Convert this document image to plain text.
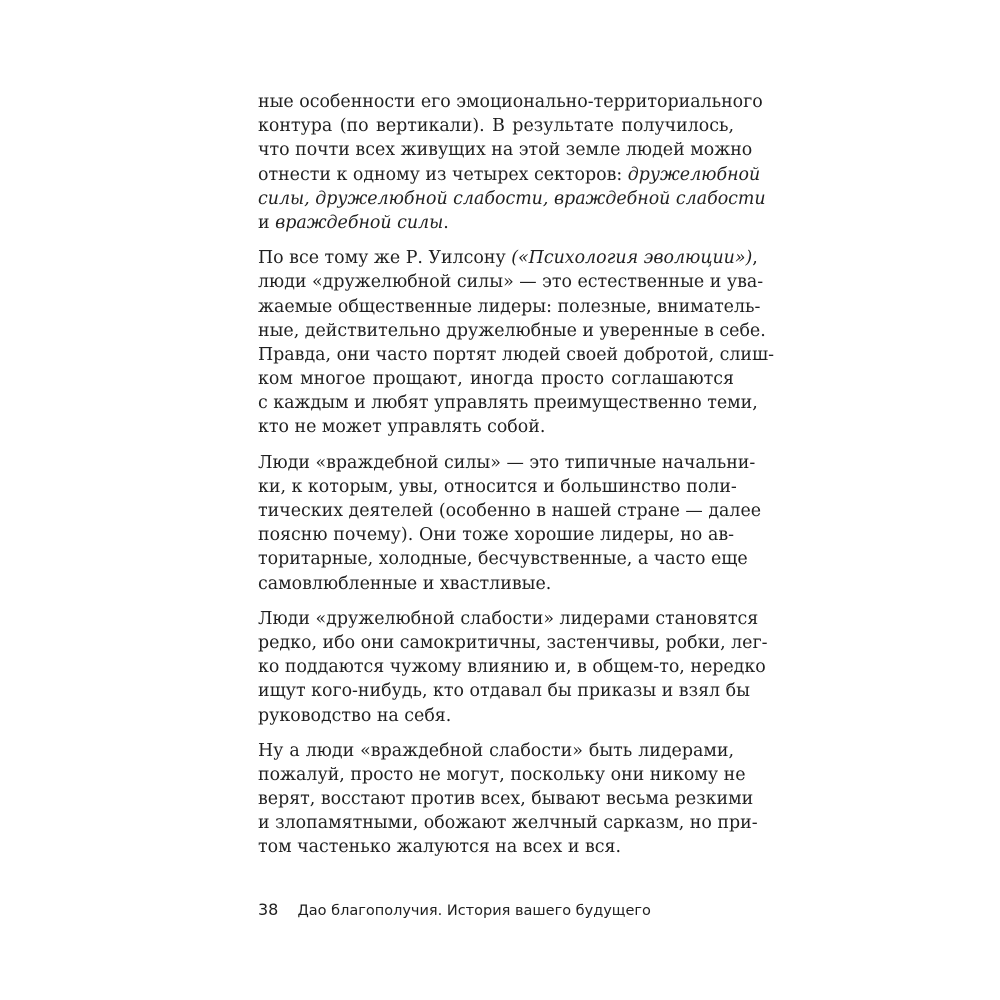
ные особенности его эмоционально-территориального
контура (по вертикали). В результате получилось,
что почти всех живущих на этой земле людей можно
отнести к одному из четырех секторов: дружелюбной
силы, дружелюбной слабости, враждебной слабости
и враждебной силы.
По все тому же Р. Уилсону («Психология эволюции»),
люди «дружелюбной силы» — это естественные и ува-
жаемые общественные лидеры: полезные, вниматель-
ные, действительно дружелюбные и уверенные в себе.
Правда, они часто портят людей своей добротой, слиш-
ком многое прощают, иногда просто соглашаются
с каждым и любят управлять преимущественно теми,
кто не может управлять собой.
Люди «враждебной силы» — это типичные начальни-
ки, к которым, увы, относится и большинство поли-
тических деятелей (особенно в нашей стране — далее
поясню почему). Они тоже хорошие лидеры, но ав-
торитарные, холодные, бесчувственные, а часто еще
самовлюбленные и хвастливые.
Люди «дружелюбной слабости» лидерами становятся
редко, ибо они самокритичны, застенчивы, робки, лег-
ко поддаются чужому влиянию и, в общем-то, нередко
ищут кого-нибудь, кто отдавал бы приказы и взял бы
руководство на себя.
Ну а люди «враждебной слабости» быть лидерами,
пожалуй, просто не могут, поскольку они никому не
верят, восстают против всех, бывают весьма резкими
и злопамятными, обожают желчный сарказм, но при-
том частенько жалуются на всех и вся.
38 Дао благополучия. История вашего будущего
